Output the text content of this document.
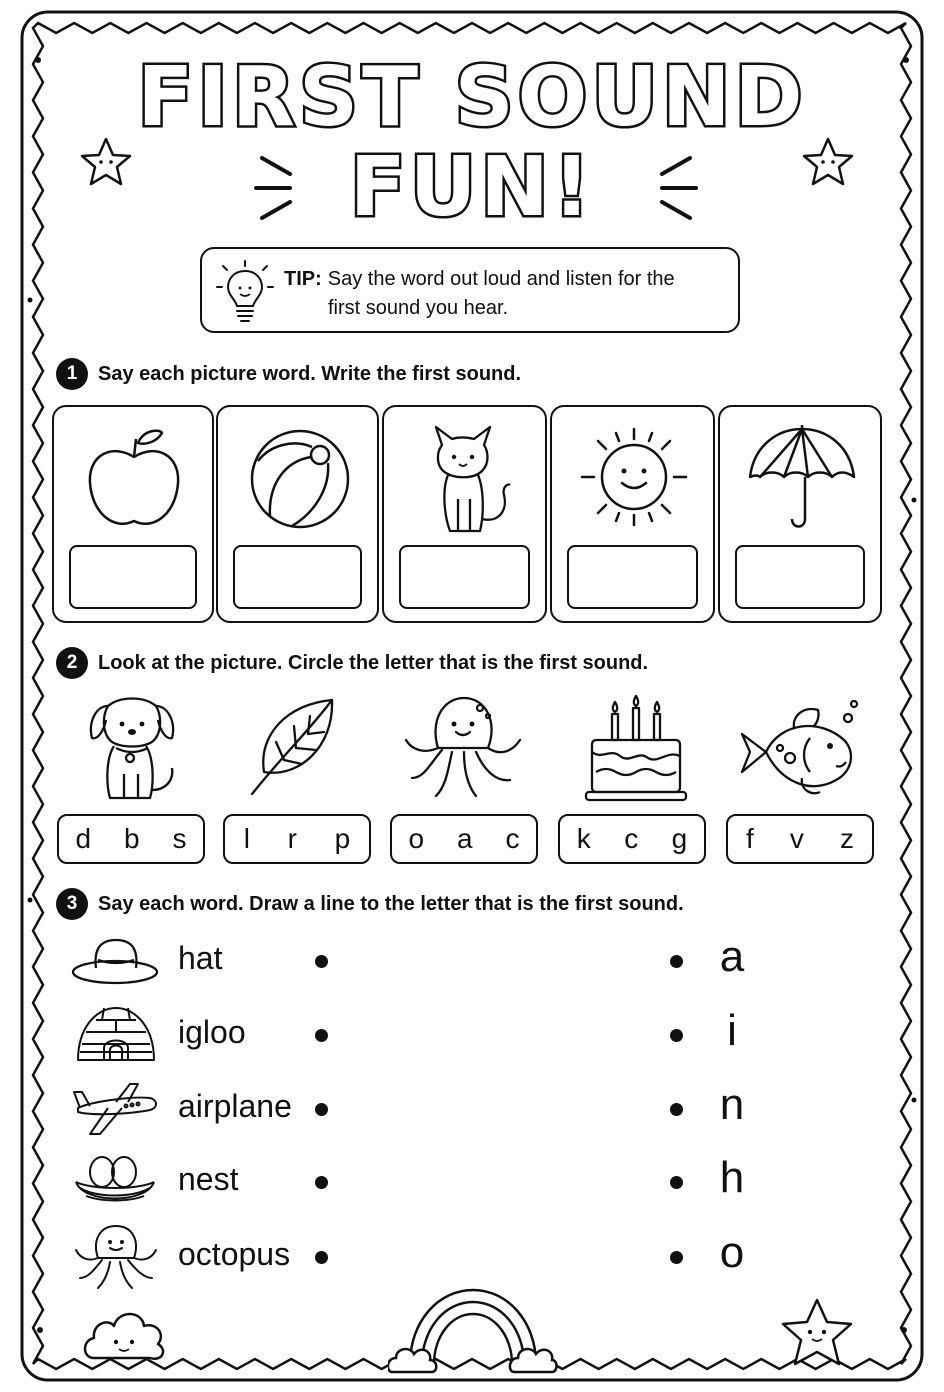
FIRST SOUND
FUN!
TIP: Say the word out loud and listen for the
first sound you hear.
1	Say each picture word. Write the first sound.
2	Look at the picture. Circle the letter that is the first sound.
d b s l r p o a c k c g f v z
3	Say each word. Draw a line to the letter that is the first sound.
hat
igloo
airplane
nest
octopus
a
i
n
h
o
